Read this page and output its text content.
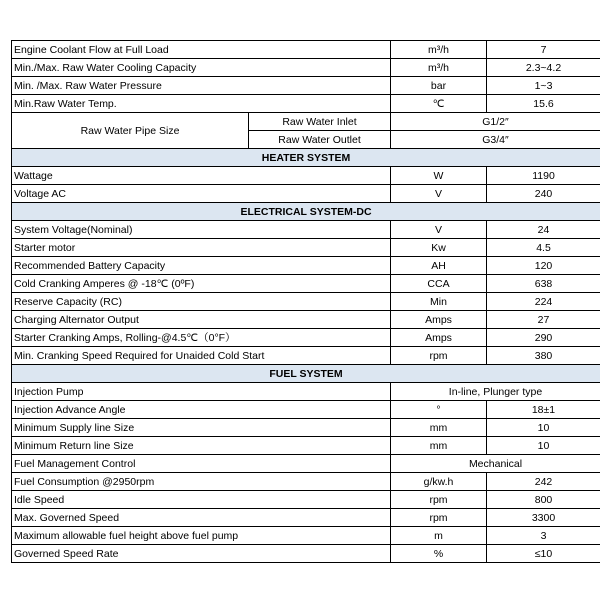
Engine Coolant Flow at Full Load		m³/h	7
Min./Max. Raw Water Cooling Capacity		m³/h	2.3~4.2
Min. /Max. Raw Water Pressure		bar	1~3
Min.Raw Water Temp.		℃	15.6
Raw Water Pipe Size	Raw Water Inlet	G1/2″	
	Raw Water Outlet	G3/4″	
HEATER SYSTEM			
Wattage		W	1190
Voltage AC		V	240
ELECTRICAL SYSTEM-DC			
System Voltage(Nominal)		V	24
Starter motor		Kw	4.5
Recommended Battery Capacity		AH	120
Cold Cranking Amperes @ -18℃ (0ºF)		CCA	638
Reserve Capacity (RC)		Min	224
Charging Alternator Output		Amps	27
Starter Cranking Amps, Rolling-@4.5℃（0°F）		Amps	290
Min. Cranking Speed Required for Unaided Cold Start		rpm	380
FUEL SYSTEM			
Injection Pump		In-line, Plunger type	
Injection Advance Angle		°	18±1
Minimum Supply line Size		mm	10
Minimum Return line Size		mm	10
Fuel Management Control		Mechanical	
Fuel Consumption @2950rpm		g/kw.h	242
Idle Speed		rpm	800
Max. Governed Speed		rpm	3300
Maximum allowable fuel height above fuel pump		m	3
Governed Speed Rate		%	≤10
